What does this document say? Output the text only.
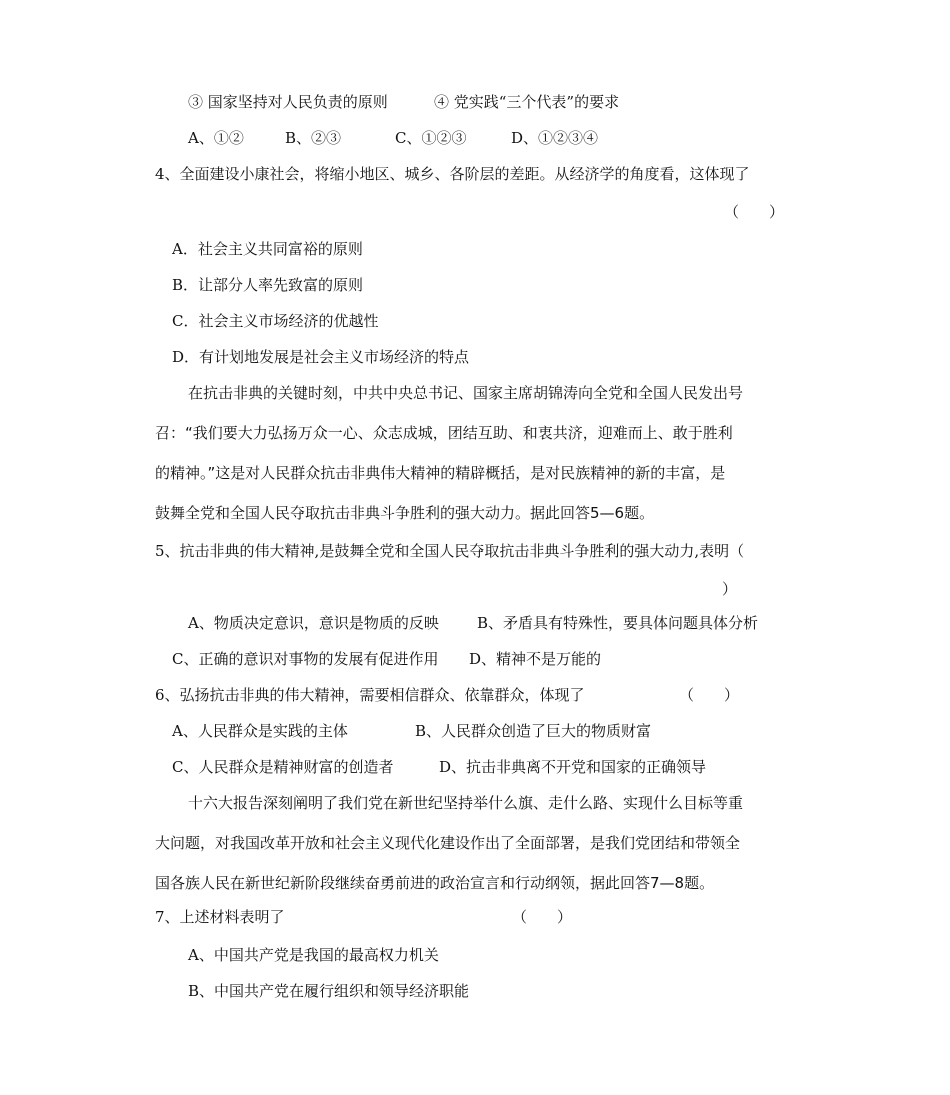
③ 国家坚持对人民负责的原则	④ 党实践“三个代表”的要求
A、①②	B、②③	C、①②③	D、①②③④
4、全面建设小康社会，将缩小地区、城乡、各阶层的差距。从经济学的角度看，这体现了
（　　）
A．社会主义共同富裕的原则
B．让部分人率先致富的原则
C．社会主义市场经济的优越性
D．有计划地发展是社会主义市场经济的特点
在抗击非典的关键时刻，中共中央总书记、国家主席胡锦涛向全党和全国人民发出号
召：“我们要大力弘扬万众一心、众志成城，团结互助、和衷共济，迎难而上、敢于胜利
的精神。”这是对人民群众抗击非典伟大精神的精辟概括，是对民族精神的新的丰富，是
鼓舞全党和全国人民夺取抗击非典斗争胜利的强大动力。据此回答5—6题。
5、抗击非典的伟大精神,是鼓舞全党和全国人民夺取抗击非典斗争胜利的强大动力,表明（
）
A、物质决定意识，意识是物质的反映	B、矛盾具有特殊性，要具体问题具体分析
C、正确的意识对事物的发展有促进作用 D、精神不是万能的
6、弘扬抗击非典的伟大精神，需要相信群众、依靠群众，体现了	（　　）
A、人民群众是实践的主体	B、人民群众创造了巨大的物质财富
C、人民群众是精神财富的创造者	D、抗击非典离不开党和国家的正确领导
十六大报告深刻阐明了我们党在新世纪坚持举什么旗、走什么路、实现什么目标等重
大问题，对我国改革开放和社会主义现代化建设作出了全面部署，是我们党团结和带领全
国各族人民在新世纪新阶段继续奋勇前进的政治宣言和行动纲领，据此回答7—8题。
7、上述材料表明了	（　　）
A、中国共产党是我国的最高权力机关
B、中国共产党在履行组织和领导经济职能
